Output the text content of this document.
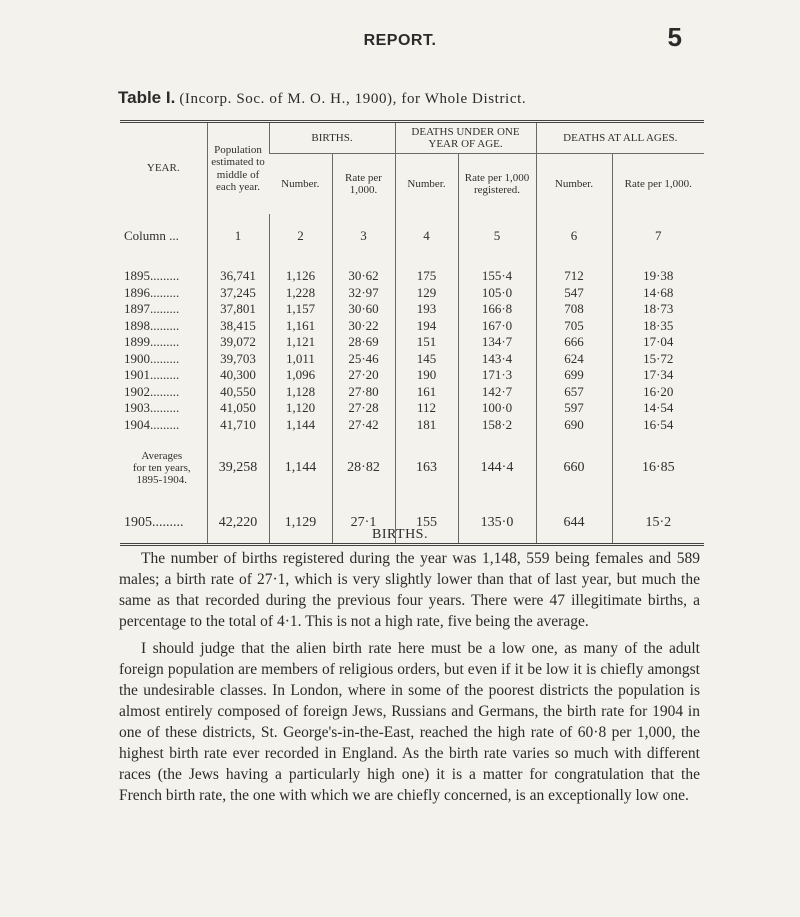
REPORT.	5
Table I. (Incorp. Soc. of M. O. H., 1900), for Whole District.
YEAR.	Population estimated to middle of each year.	BIRTHS.		DEATHS UNDER ONE YEAR OF AGE.		DEATHS AT ALL AGES.	
		Number.	Rate per 1,000.	Number.	Rate per 1,000 registered.	Number.	Rate per 1,000.
Column ...	1	2	3	4	5	6	7

1895.........	36,741	1,126	30·62	175	155·4	712	19·38
1896.........	37,245	1,228	32·97	129	105·0	547	14·68
1897.........	37,801	1,157	30·60	193	166·8	708	18·73
1898.........	38,415	1,161	30·22	194	167·0	705	18·35
1899.........	39,072	1,121	28·69	151	134·7	666	17·04
1900.........	39,703	1,011	25·46	145	143·4	624	15·72
1901.........	40,300	1,096	27·20	190	171·3	699	17·34
1902.........	40,550	1,128	27·80	161	142·7	657	16·20
1903.........	41,050	1,120	27·28	112	100·0	597	14·54
1904.........	41,710	1,144	27·42	181	158·2	690	16·54
Averages
for ten years,
1895-1904.	39,258	1,144	28·82	163	144·4	660	16·85
1905.........	42,220	1,129	27·1	155	135·0	644	15·2
BIRTHS.

The number of births registered during the year was 1,148, 559 being females and 589 males; a birth rate of 27·1, which is very slightly lower than that of last year, but much the same as that recorded during the previous four years. There were 47 illegitimate births, a percentage to the total of 4·1. This is not a high rate, five being the average.

I should judge that the alien birth rate here must be a low one, as many of the adult foreign population are members of religious orders, but even if it be low it is chiefly amongst the undesirable classes. In London, where in some of the poorest districts the population is almost entirely composed of foreign Jews, Russians and Germans, the birth rate for 1904 in one of these districts, St. George's-in-the-East, reached the high rate of 60·8 per 1,000, the highest birth rate ever recorded in England. As the birth rate varies so much with different races (the Jews having a particularly high one) it is a matter for congratulation that the French birth rate, the one with which we are chiefly concerned, is an exceptionally low one.
